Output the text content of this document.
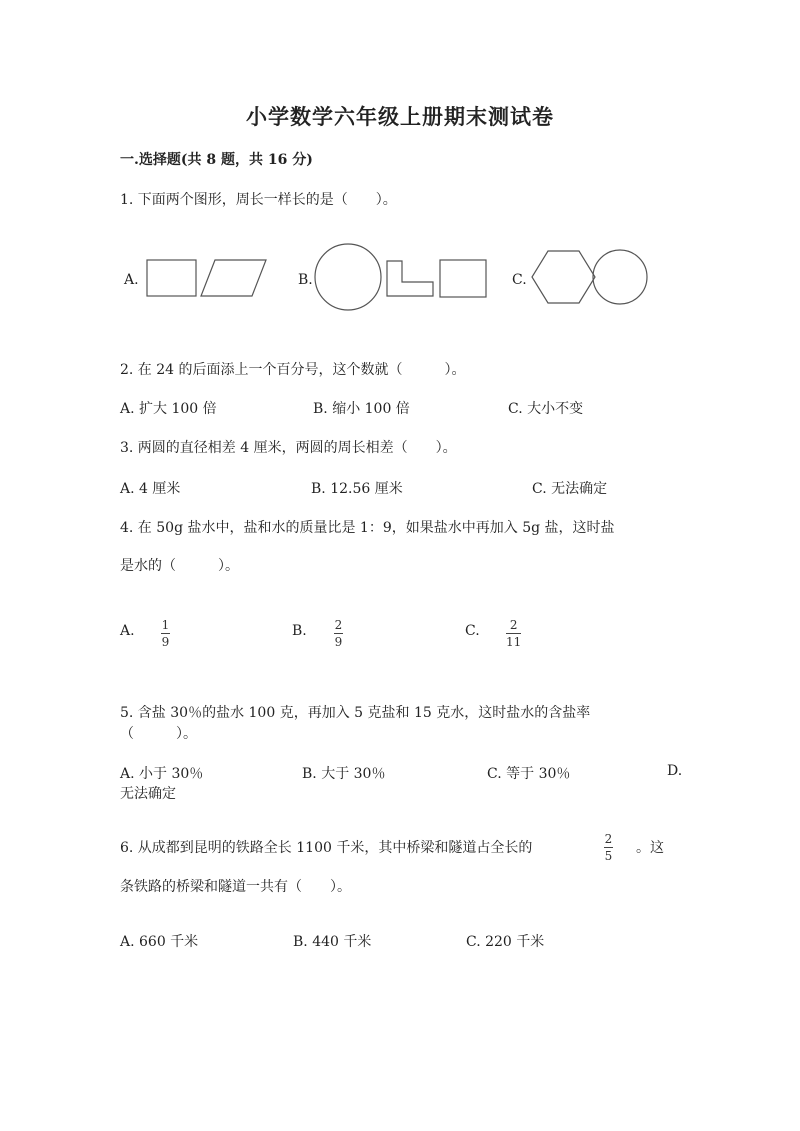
小学数学六年级上册期末测试卷
一.选择题(共 8 题，共 16 分)
1. 下面两个图形，周长一样长的是（　　）。
A.	B.	C.
2. 在 24 的后面添上一个百分号，这个数就（　　　）。
A. 扩大 100 倍	B. 缩小 100 倍	C. 大小不变
3. 两圆的直径相差 4 厘米，两圆的周长相差（　　）。
A. 4 厘米	B. 12.56 厘米	C. 无法确定
4. 在 50g 盐水中，盐和水的质量比是 1：9，如果盐水中再加入 5g 盐，这时盐
是水的（　　　）。
A. 1
9
B. 2
9
C.	2
11
5. 含盐 30％的盐水 100 克，再加入 5 克盐和 15 克水，这时盐水的含盐率
（　　　）。
A. 小于 30％	B. 大于 30％	C. 等于 30％	D.
无法确定
6. 从成都到昆明的铁路全长 1100 千米，其中桥梁和隧道占全长的
2
5 。这
条铁路的桥梁和隧道一共有（　　）。
A. 660 千米	B. 440 千米	C. 220 千米
